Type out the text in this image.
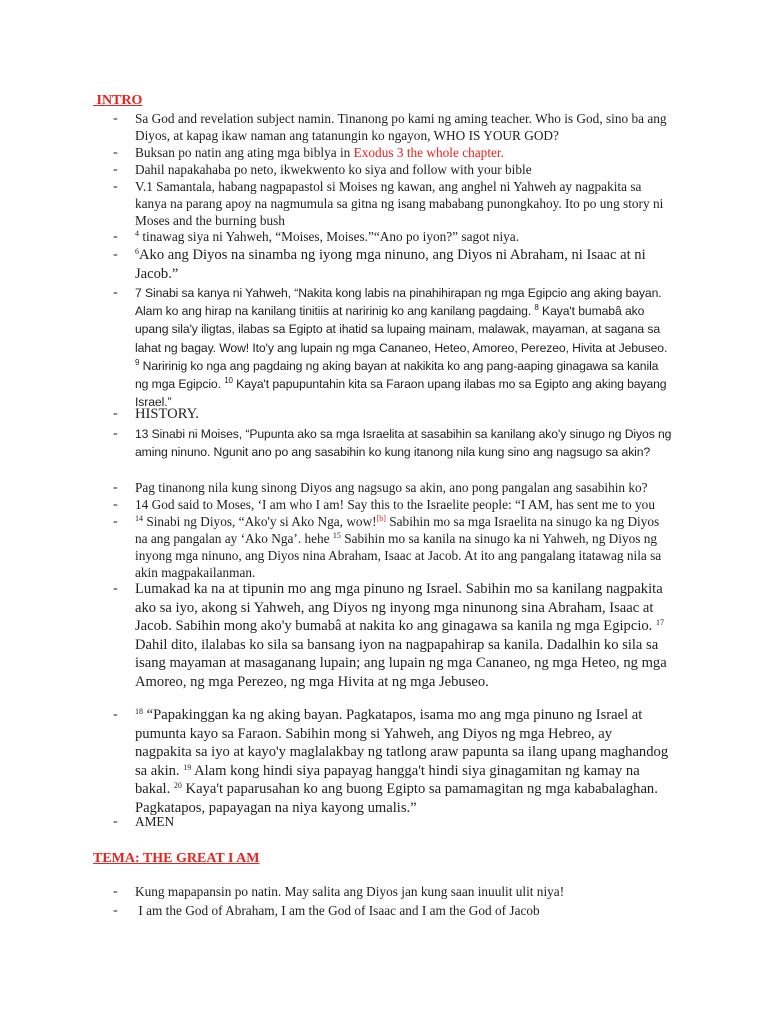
INTRO
- Sa God and revelation subject namin. Tinanong po kami ng aming teacher. Who is God, sino ba ang Diyos, at kapag ikaw naman ang tatanungin ko ngayon, WHO IS YOUR GOD?
- Buksan po natin ang ating mga biblya in Exodus 3 the whole chapter.
- Dahil napakahaba po neto, ikwekwento ko siya and follow with your bible
- V.1 Samantala, habang nagpapastol si Moises ng kawan, ang anghel ni Yahweh ay nagpakita sa kanya na parang apoy na nagmumula sa gitna ng isang mababang punongkahoy. Ito po ung story ni Moses and the burning bush
- $^4$ tinawag siya ni Yahweh, “Moises, Moises.”“Ano po iyon?” sagot niya.
- $^6$Ako ang Diyos na sinamba ng iyong mga ninuno, ang Diyos ni Abraham, ni Isaac at ni Jacob.”
- 7 Sinabi sa kanya ni Yahweh, “Nakita kong labis na pinahihirapan ng mga Egipcio ang aking bayan. Alam ko ang hirap na kanilang tinitiis at naririnig ko ang kanilang pagdaing. $^8$ Kaya't bumabâ ako upang sila'y iligtas, ilabas sa Egipto at ihatid sa lupaing mainam, malawak, mayaman, at sagana sa lahat ng bagay. Wow! Ito'y ang lupain ng mga Cananeo, Heteo, Amoreo, Perezeo, Hivita at Jebuseo. $^9$ Naririnig ko nga ang pagdaing ng aking bayan at nakikita ko ang pang-aaping ginagawa sa kanila ng mga Egipcio. $^{10}$ Kaya't papupuntahin kita sa Faraon upang ilabas mo sa Egipto ang aking bayang Israel.”
- HISTORY.
- 13 Sinabi ni Moises, “Pupunta ako sa mga Israelita at sasabihin sa kanilang ako'y sinugo ng Diyos ng aming ninuno. Ngunit ano po ang sasabihin ko kung itanong nila kung sino ang nagsugo sa akin?
- Pag tinanong nila kung sinong Diyos ang nagsugo sa akin, ano pong pangalan ang sasabihin ko?
- 14 God said to Moses, ‘I am who I am! Say this to the Israelite people: “I AM, has sent me to you
- $^{14}$ Sinabi ng Diyos, “Ako'y si Ako Nga, wow![b] Sabihin mo sa mga Israelita na sinugo ka ng Diyos na ang pangalan ay ‘Ako Nga’. hehe $^{15}$ Sabihin mo sa kanila na sinugo ka ni Yahweh, ng Diyos ng inyong mga ninuno, ang Diyos nina Abraham, Isaac at Jacob. At ito ang pangalang itatawag nila sa akin magpakailanman.
- Lumakad ka na at tipunin mo ang mga pinuno ng Israel. Sabihin mo sa kanilang nagpakita ako sa iyo, akong si Yahweh, ang Diyos ng inyong mga ninunong sina Abraham, Isaac at Jacob. Sabihin mong ako'y bumabâ at nakita ko ang ginagawa sa kanila ng mga Egipcio. $^{17}$ Dahil dito, ilalabas ko sila sa bansang iyon na nagpapahirap sa kanila. Dadalhin ko sila sa isang mayaman at masaganang lupain; ang lupain ng mga Cananeo, ng mga Heteo, ng mga Amoreo, ng mga Perezeo, ng mga Hivita at ng mga Jebuseo.
- $^{18}$ “Papakinggan ka ng aking bayan. Pagkatapos, isama mo ang mga pinuno ng Israel at pumunta kayo sa Faraon. Sabihin mong si Yahweh, ang Diyos ng mga Hebreo, ay nagpakita sa iyo at kayo'y maglalakbay ng tatlong araw papunta sa ilang upang maghandog sa akin. $^{19}$ Alam kong hindi siya papayag hangga't hindi siya ginagamitan ng kamay na bakal. $^{20}$ Kaya't paparusahan ko ang buong Egipto sa pamamagitan ng mga kababalaghan. Pagkatapos, papayagan na niya kayong umalis.”
- AMEN
TEMA: THE GREAT I AM
- Kung mapapansin po natin. May salita ang Diyos jan kung saan inuulit ulit niya!
- I am the God of Abraham, I am the God of Isaac and I am the God of Jacob
